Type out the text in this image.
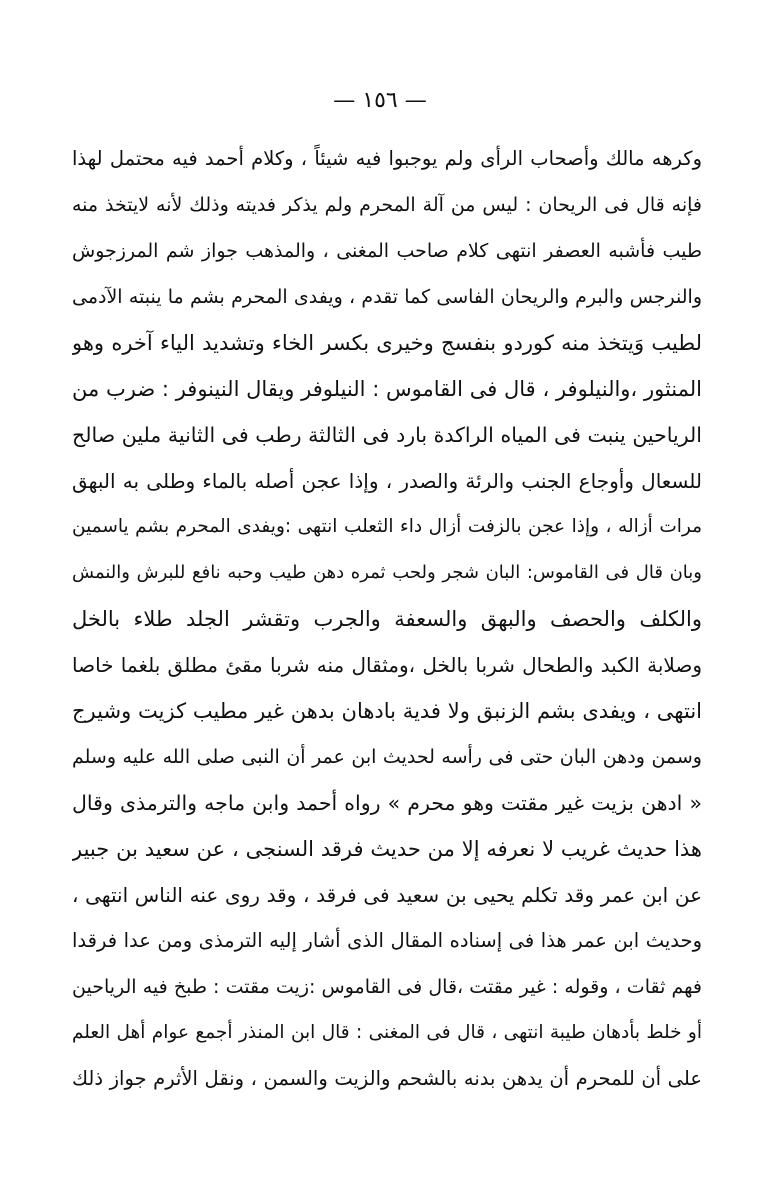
— ١٥٦ —
وكرهه مالك وأصحاب الرأى ولم يوجبوا فيه شيئاً ، وكلام أحمد فيه محتمل لهذا
فإنه قال فى الريحان : ليس من آلة المحرم ولم يذكر فديته وذلك لأنه لايتخذ منه
طيب فأشبه العصفر انتهى كلام صاحب المغنى ، والمذهب جواز شم المرزجوش
والنرجس والبرم والريحان الفاسى كما تقدم ، ويفدى المحرم بشم ما ينبته الآدمى
لطيب وَيتخذ منه كوردو بنفسج وخيرى بكسر الخاء وتشديد الياء آخره وهو
المنثور ،والنيلوفر ، قال فى القاموس : النيلوفر ويقال النينوفر : ضرب من
الرياحين ينبت فى المياه الراكدة بارد فى الثالثة رطب فى الثانية ملين صالح
للسعال وأوجاع الجنب والرئة والصدر ، وإذا عجن أصله بالماء وطلى به البهق
مرات أزاله ، وإذا عجن بالزفت أزال داء الثعلب انتهى :ويفدى المحرم بشم ياسمين
وبان قال فى القاموس: البان شجر ولحب ثمره دهن طيب وحبه نافع للبرش والنمش
والكلف والحصف والبهق والسعفة والجرب وتقشر الجلد طلاء بالخل
وصلابة الكبد والطحال شربا بالخل ،ومثقال منه شربا مقئ مطلق بلغما خاصا
انتهى ، ويفدى بشم الزنبق ولا فدية بادهان بدهن غير مطيب كزيت وشيرج
وسمن ودهن البان حتى فى رأسه لحديث ابن عمر أن النبى صلى الله عليه وسلم
« ادهن بزيت غير مقتت وهو محرم » رواه أحمد وابن ماجه والترمذى وقال
هذا حديث غريب لا نعرفه إلا من حديث فرقد السنجى ، عن سعيد بن جبير
عن ابن عمر وقد تكلم يحيى بن سعيد فى فرقد ، وقد روى عنه الناس انتهى ،
وحديث ابن عمر هذا فى إسناده المقال الذى أشار إليه الترمذى ومن عدا فرقدا
فهم ثقات ، وقوله : غير مقتت ،قال فى القاموس :زيت مقتت : طبخ فيه الرياحين
أو خلط بأدهان طيبة انتهى ، قال فى المغنى : قال ابن المنذر أجمع عوام أهل العلم
على أن للمحرم أن يدهن بدنه بالشحم والزيت والسمن ، ونقل الأثرم جواز ذلك
